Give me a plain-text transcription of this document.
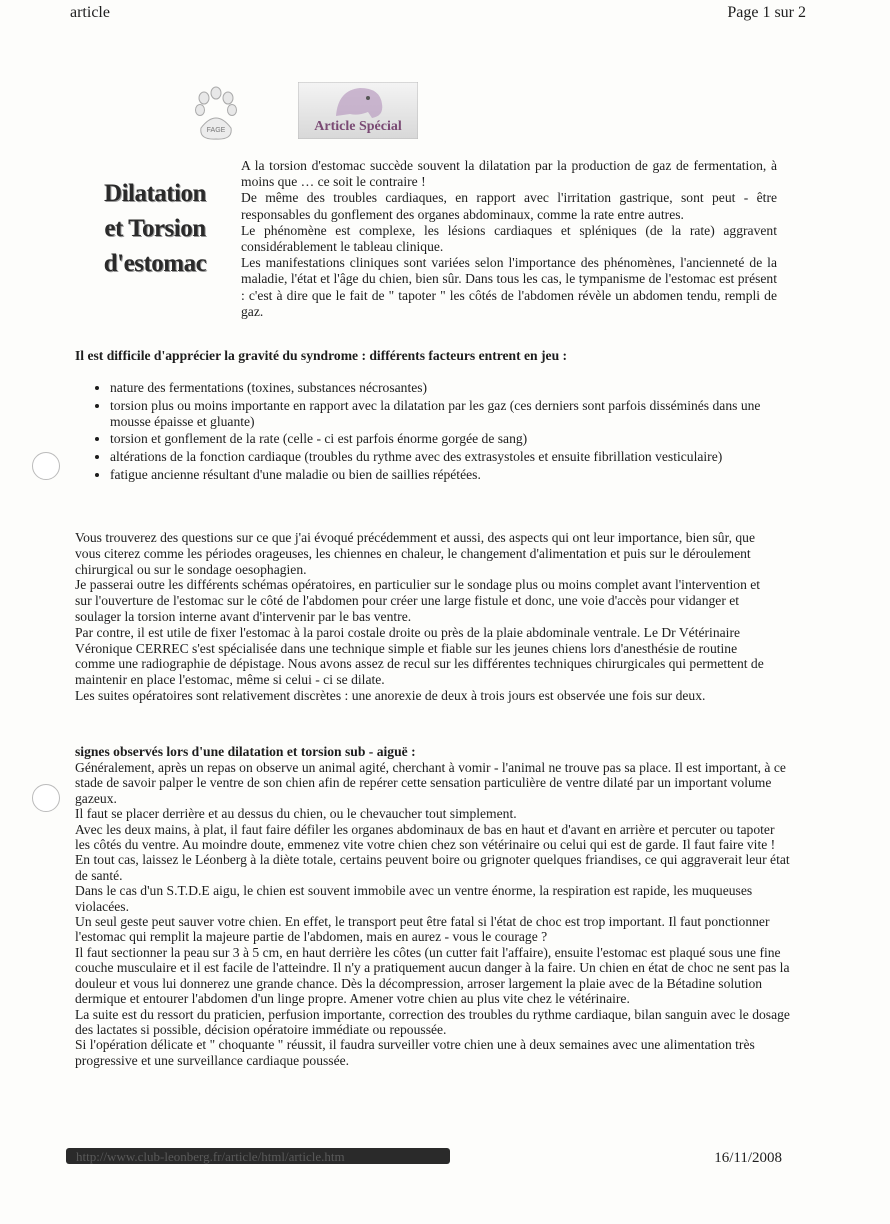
article	Page 1 sur 2
FAGE	Article Spécial
Dilatation
et Torsion
d'estomac

A la torsion d'estomac succède souvent la dilatation par la production de gaz de fermentation, à moins que … ce soit le contraire !

De même des troubles cardiaques, en rapport avec l'irritation gastrique, sont peut - être responsables du gonflement des organes abdominaux, comme la rate entre autres.

Le phénomène est complexe, les lésions cardiaques et spléniques (de la rate) aggravent considérablement le tableau clinique.

Les manifestations cliniques sont variées selon l'importance des phénomènes, l'ancienneté de la maladie, l'état et l'âge du chien, bien sûr. Dans tous les cas, le tympanisme de l'estomac est présent : c'est à dire que le fait de " tapoter " les côtés de l'abdomen révèle un abdomen tendu, rempli de gaz.

Il est difficile d'apprécier la gravité du syndrome : différents facteurs entrent en jeu :
• nature des fermentations (toxines, substances nécrosantes)
• torsion plus ou moins importante en rapport avec la dilatation par les gaz (ces derniers sont parfois disséminés dans une mousse épaisse et gluante)
• torsion et gonflement de la rate (celle - ci est parfois énorme gorgée de sang)
• altérations de la fonction cardiaque (troubles du rythme avec des extrasystoles et ensuite fibrillation vesticulaire)
• fatigue ancienne résultant d'une maladie ou bien de saillies répétées.

Vous trouverez des questions sur ce que j'ai évoqué précédemment et aussi, des aspects qui ont leur importance, bien sûr, que vous citerez comme les périodes orageuses, les chiennes en chaleur, le changement d'alimentation et puis sur le déroulement chirurgical ou sur le sondage oesophagien.

Je passerai outre les différents schémas opératoires, en particulier sur le sondage plus ou moins complet avant l'intervention et sur l'ouverture de l'estomac sur le côté de l'abdomen pour créer une large fistule et donc, une voie d'accès pour vidanger et soulager la torsion interne avant d'intervenir par le bas ventre.

Par contre, il est utile de fixer l'estomac à la paroi costale droite ou près de la plaie abdominale ventrale. Le Dr Vétérinaire Véronique CERREC s'est spécialisée dans une technique simple et fiable sur les jeunes chiens lors d'anesthésie de routine comme une radiographie de dépistage. Nous avons assez de recul sur les différentes techniques chirurgicales qui permettent de maintenir en place l'estomac, même si celui - ci se dilate.

Les suites opératoires sont relativement discrètes : une anorexie de deux à trois jours est observée une fois sur deux.

signes observés lors d'une dilatation et torsion sub - aiguë :

Généralement, après un repas on observe un animal agité, cherchant à vomir - l'animal ne trouve pas sa place. Il est important, à ce stade de savoir palper le ventre de son chien afin de repérer cette sensation particulière de ventre dilaté par un important volume gazeux.

Il faut se placer derrière et au dessus du chien, ou le chevaucher tout simplement.

Avec les deux mains, à plat, il faut faire défiler les organes abdominaux de bas en haut et d'avant en arrière et percuter ou tapoter les côtés du ventre. Au moindre doute, emmenez vite votre chien chez son vétérinaire ou celui qui est de garde. Il faut faire vite !

En tout cas, laissez le Léonberg à la diète totale, certains peuvent boire ou grignoter quelques friandises, ce qui aggraverait leur état de santé.

Dans le cas d'un S.T.D.E aigu, le chien est souvent immobile avec un ventre énorme, la respiration est rapide, les muqueuses violacées.

Un seul geste peut sauver votre chien. En effet, le transport peut être fatal si l'état de choc est trop important. Il faut ponctionner l'estomac qui remplit la majeure partie de l'abdomen, mais en aurez - vous le courage ?

Il faut sectionner la peau sur 3 à 5 cm, en haut derrière les côtes (un cutter fait l'affaire), ensuite l'estomac est plaqué sous une fine couche musculaire et il est facile de l'atteindre. Il n'y a pratiquement aucun danger à la faire. Un chien en état de choc ne sent pas la douleur et vous lui donnerez une grande chance. Dès la décompression, arroser largement la plaie avec de la Bétadine solution dermique et entourer l'abdomen d'un linge propre. Amener votre chien au plus vite chez le vétérinaire.

La suite est du ressort du praticien, perfusion importante, correction des troubles du rythme cardiaque, bilan sanguin avec le dosage des lactates si possible, décision opératoire immédiate ou repoussée.

Si l'opération délicate et " choquante " réussit, il faudra surveiller votre chien une à deux semaines avec une alimentation très progressive et une surveillance cardiaque poussée.

http://www.club-leonberg.fr/article/html/article.htm	16/11/2008
